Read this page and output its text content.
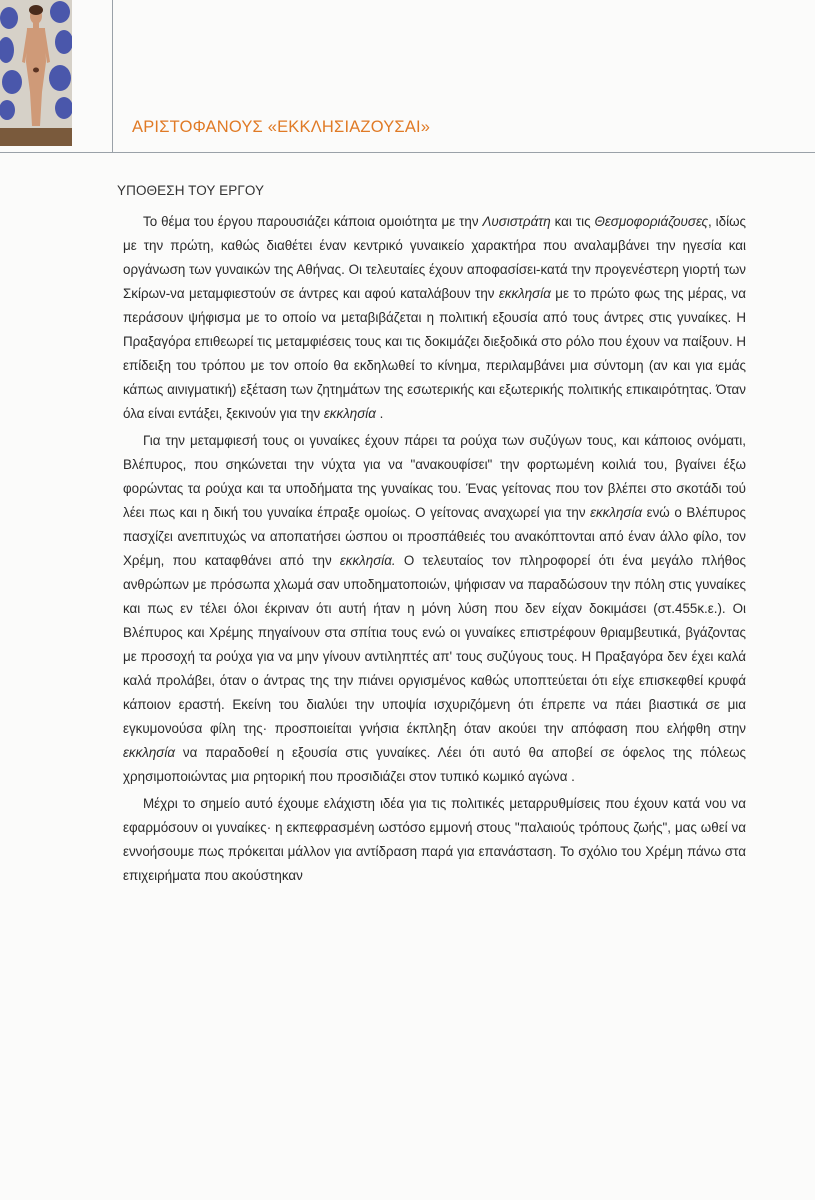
ΑΡΙΣΤΟΦΑΝΟΥΣ «ΕΚΚΛΗΣΙΑΖΟΥΣΑΙ»
ΥΠΟΘΕΣΗ ΤΟΥ ΕΡΓΟΥ

Το θέμα του έργου παρουσιάζει κάποια ομοιότητα με την Λυσιστράτη και τις Θεσμοφοριάζουσες, ιδίως με την πρώτη, καθώς διαθέτει έναν κεντρικό γυναικείο χαρακτήρα που αναλαμβάνει την ηγεσία και οργάνωση των γυναικών της Αθήνας. Οι τελευταίες έχουν αποφασίσει-κατά την προγενέστερη γιορτή των Σκίρων-να μεταμφιεστούν σε άντρες και αφού καταλάβουν την εκκλησία με το πρώτο φως της μέρας, να περάσουν ψήφισμα με το οποίο να μεταβιβάζεται η πολιτική εξουσία από τους άντρες στις γυναίκες. Η Πραξαγόρα επιθεωρεί τις μεταμφιέσεις τους και τις δοκιμάζει διεξοδικά στο ρόλο που έχουν να παίξουν. Η επίδειξη του τρόπου με τον οποίο θα εκδηλωθεί το κίνημα, περιλαμβάνει μια σύντομη (αν και για εμάς κάπως αινιγματική) εξέταση των ζητημάτων της εσωτερικής και εξωτερικής πολιτικής επικαιρότητας. Όταν όλα είναι εντάξει, ξεκινούν για την εκκλησία .

Για την μεταμφιεσή τους οι γυναίκες έχουν πάρει τα ρούχα των συζύγων τους, και κάποιος ονόματι, Βλέπυρος, που σηκώνεται την νύχτα για να "ανακουφίσει" την φορτωμένη κοιλιά του, βγαίνει έξω φορώντας τα ρούχα και τα υποδήματα της γυναίκας του. Ένας γείτονας που τον βλέπει στο σκοτάδι τού λέει πως και η δική του γυναίκα έπραξε ομοίως. Ο γείτονας αναχωρεί για την εκκλησία ενώ ο Βλέπυρος πασχίζει ανεπιτυχώς να αποπατήσει ώσπου οι προσπάθειές του ανακόπτονται από έναν άλλο φίλο, τον Χρέμη, που καταφθάνει από την εκκλησία. Ο τελευταίος τον πληροφορεί ότι ένα μεγάλο πλήθος ανθρώπων με πρόσωπα χλωμά σαν υποδηματοποιών, ψήφισαν να παραδώσουν την πόλη στις γυναίκες και πως εν τέλει όλοι έκριναν ότι αυτή ήταν η μόνη λύση που δεν είχαν δοκιμάσει (στ.455κ.ε.). Οι Βλέπυρος και Χρέμης πηγαίνουν στα σπίτια τους ενώ οι γυναίκες επιστρέφουν θριαμβευτικά, βγάζοντας με προσοχή τα ρούχα για να μην γίνουν αντιληπτές απ' τους συζύγους τους. Η Πραξαγόρα δεν έχει καλά καλά προλάβει, όταν ο άντρας της την πιάνει οργισμένος καθώς υποπτεύεται ότι είχε επισκεφθεί κρυφά κάποιον εραστή. Εκείνη του διαλύει την υποψία ισχυριζόμενη ότι έπρεπε να πάει βιαστικά σε μια εγκυμονούσα φίλη της· προσποιείται γνήσια έκπληξη όταν ακούει την απόφαση που ελήφθη στην εκκλησία να παραδοθεί η εξουσία στις γυναίκες. Λέει ότι αυτό θα αποβεί σε όφελος της πόλεως χρησιμοποιώντας μια ρητορική που προσιδιάζει στον τυπικό κωμικό αγώνα .

Μέχρι το σημείο αυτό έχουμε ελάχιστη ιδέα για τις πολιτικές μεταρρυθμίσεις που έχουν κατά νου να εφαρμόσουν οι γυναίκες· η εκπεφρασμένη ωστόσο εμμονή στους "παλαιούς τρόπους ζωής", μας ωθεί να εννοήσουμε πως πρόκειται μάλλον για αντίδραση παρά για επανάσταση. Το σχόλιο του Χρέμη πάνω στα επιχειρήματα που ακούστηκαν
